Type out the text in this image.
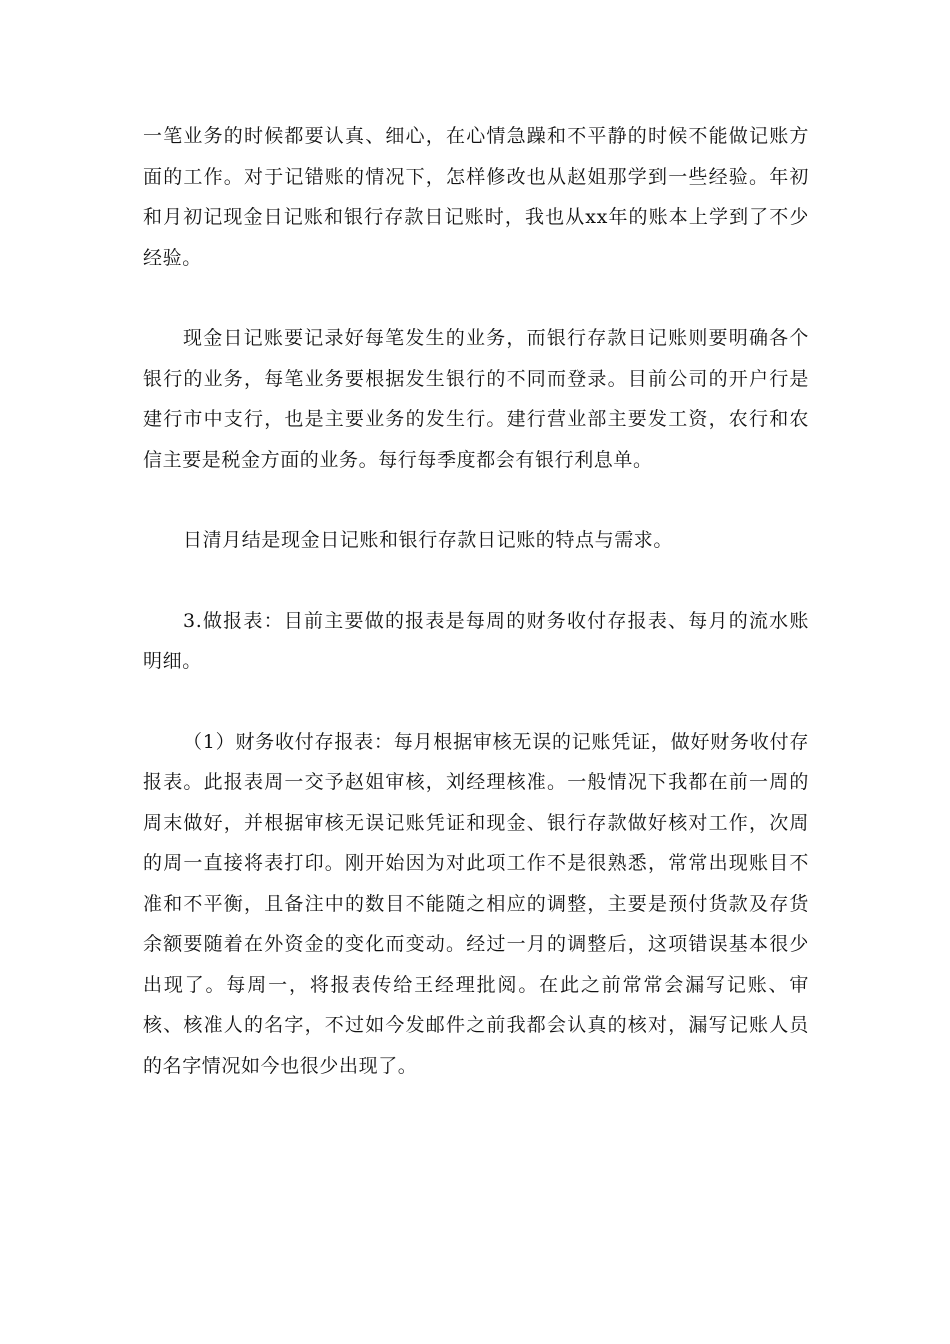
一笔业务的时候都要认真、细心，在心情急躁和不平静的时候不能做记账方面的工作。对于记错账的情况下，怎样修改也从赵姐那学到一些经验。年初和月初记现金日记账和银行存款日记账时，我也从xx年的账本上学到了不少经验。

现金日记账要记录好每笔发生的业务，而银行存款日记账则要明确各个银行的业务，每笔业务要根据发生银行的不同而登录。目前公司的开户行是建行市中支行，也是主要业务的发生行。建行营业部主要发工资，农行和农信主要是税金方面的业务。每行每季度都会有银行利息单。

日清月结是现金日记账和银行存款日记账的特点与需求。

3.做报表：目前主要做的报表是每周的财务收付存报表、每月的流水账明细。

（1）财务收付存报表：每月根据审核无误的记账凭证，做好财务收付存报表。此报表周一交予赵姐审核，刘经理核准。一般情况下我都在前一周的周末做好，并根据审核无误记账凭证和现金、银行存款做好核对工作，次周的周一直接将表打印。刚开始因为对此项工作不是很熟悉，常常出现账目不准和不平衡，且备注中的数目不能随之相应的调整，主要是预付货款及存货余额要随着在外资金的变化而变动。经过一月的调整后，这项错误基本很少出现了。每周一，将报表传给王经理批阅。在此之前常常会漏写记账、审核、核准人的名字，不过如今发邮件之前我都会认真的核对，漏写记账人员的名字情况如今也很少出现了。
